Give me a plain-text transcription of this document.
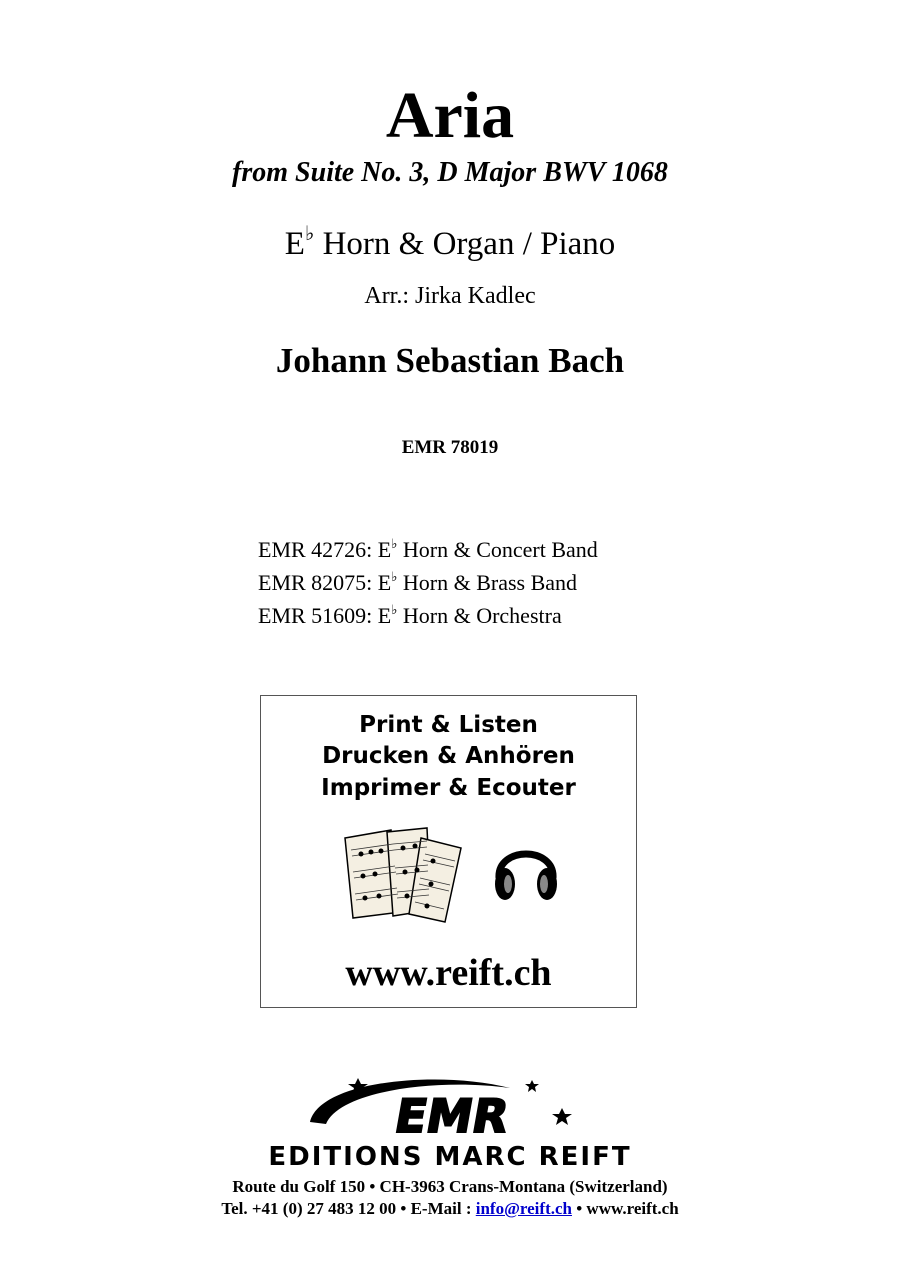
Aria
from Suite No. 3, D Major BWV 1068
E♭ Horn & Organ / Piano
Arr.: Jirka Kadlec
Johann Sebastian Bach
EMR 78019
EMR 42726: E♭ Horn & Concert Band
EMR 82075: E♭ Horn & Brass Band
EMR 51609: E♭ Horn & Orchestra
Print & Listen
Drucken & Anhören
Imprimer & Ecouter
www.reift.ch
EMR
EDITIONS MARC REIFT
Route du Golf 150 • CH-3963 Crans-Montana (Switzerland)
Tel. +41 (0) 27 483 12 00 • E-Mail : info@reift.ch • www.reift.ch
